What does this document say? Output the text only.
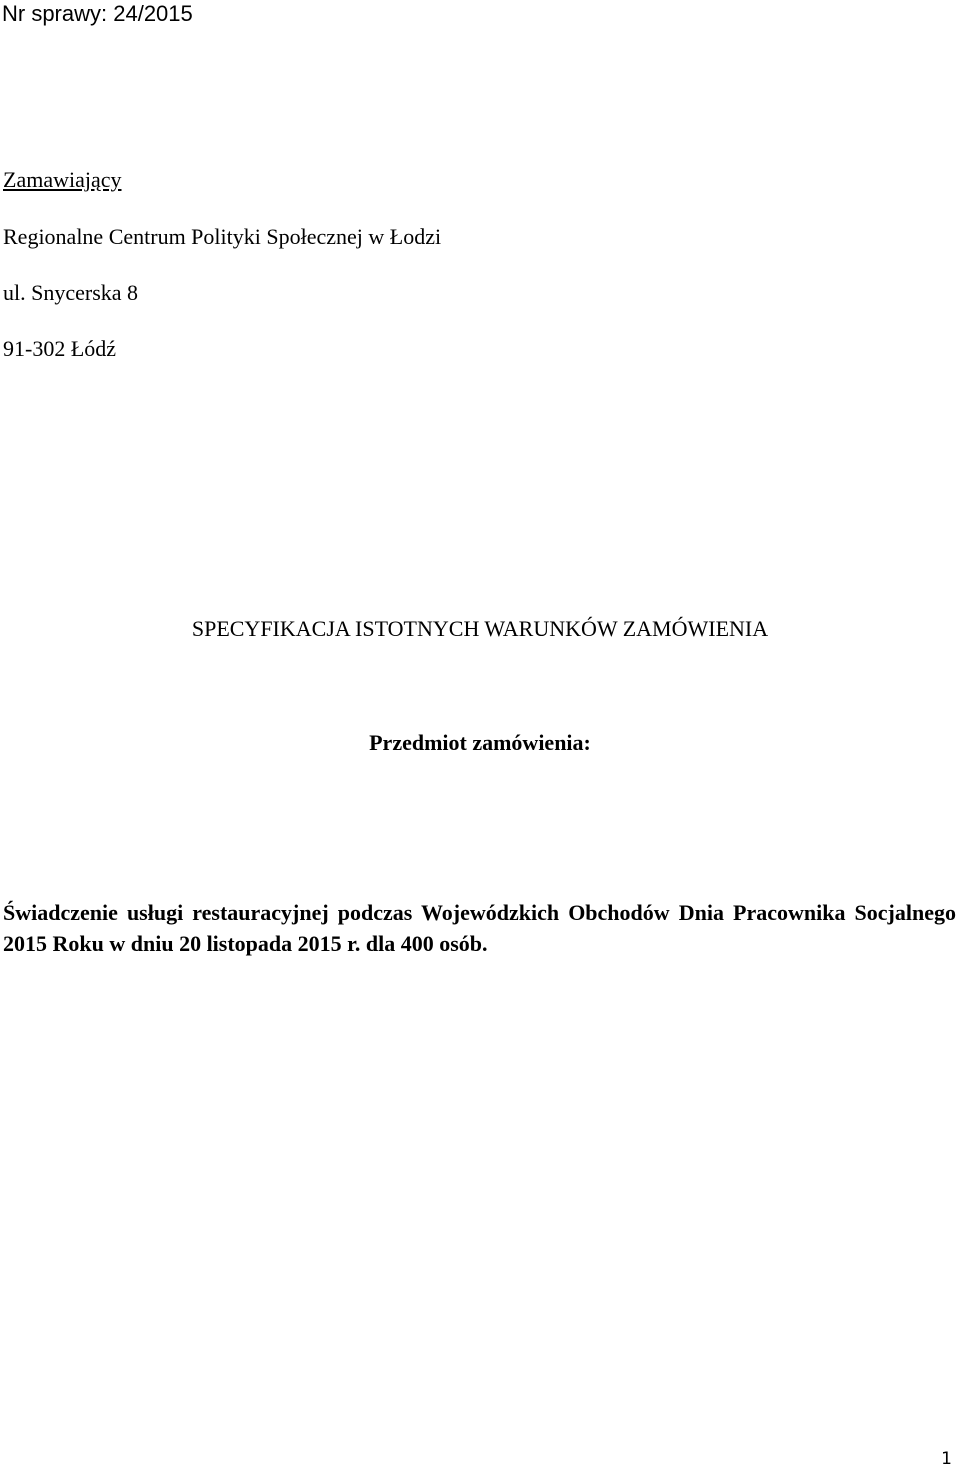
Nr sprawy: 24/2015
Zamawiający
Regionalne Centrum Polityki Społecznej w Łodzi
ul. Snycerska 8
91-302 Łódź
SPECYFIKACJA ISTOTNYCH WARUNKÓW ZAMÓWIENIA
Przedmiot zamówienia:
Świadczenie usługi restauracyjnej podczas Wojewódzkich Obchodów Dnia Pracownika Socjalnego 2015 Roku w dniu 20 listopada 2015 r. dla 400 osób.
1
